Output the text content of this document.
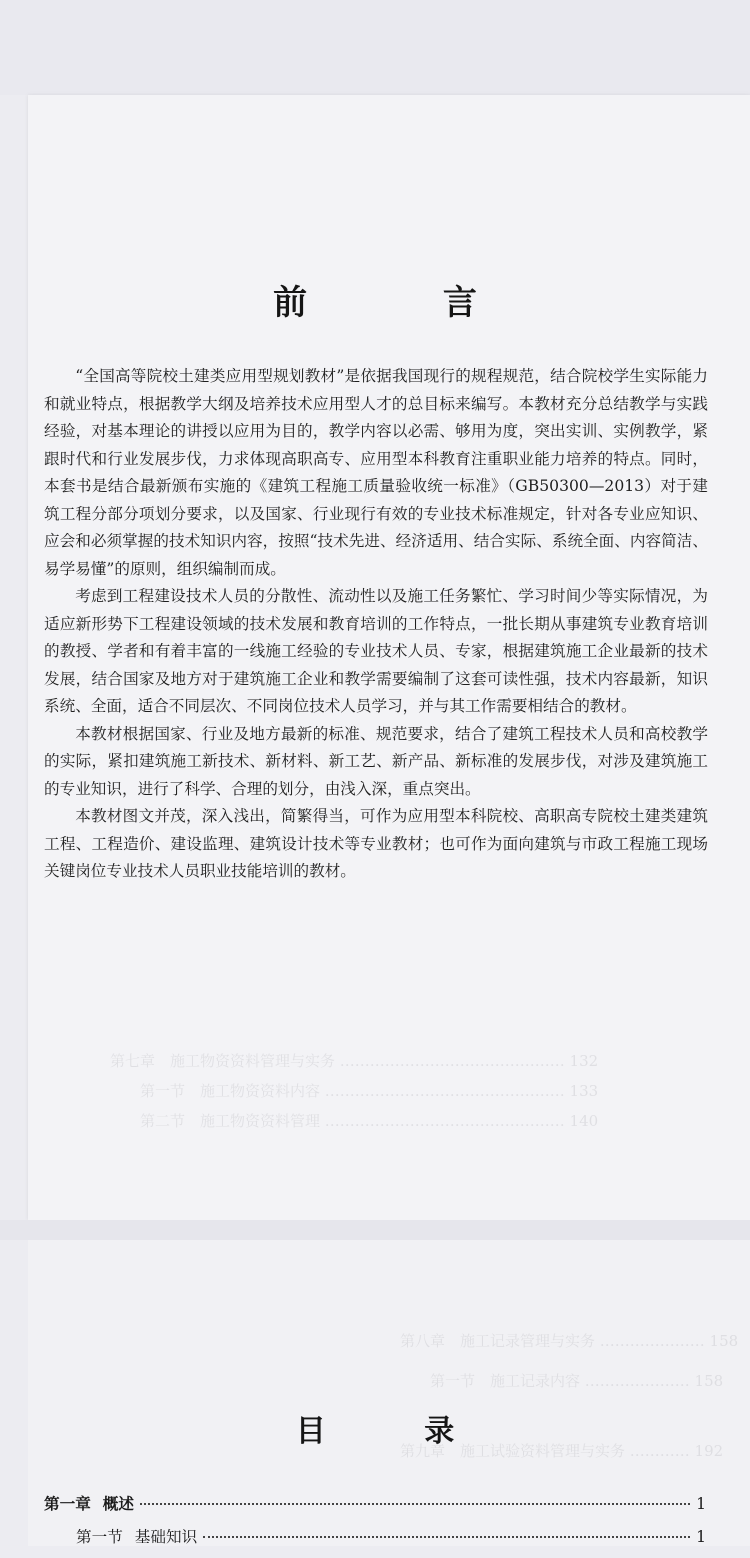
第七章　施工物资资料管理与实务 ……………………………………… 132
第一节　施工物资资料内容 ………………………………………… 133
第二节　施工物资资料管理 ………………………………………… 140
前 言

“全国高等院校土建类应用型规划教材”是依据我国现行的规程规范，结合院校学生实际能力和就业特点，根据教学大纲及培养技术应用型人才的总目标来编写。本教材充分总结教学与实践经验，对基本理论的讲授以应用为目的，教学内容以必需、够用为度，突出实训、实例教学，紧跟时代和行业发展步伐，力求体现高职高专、应用型本科教育注重职业能力培养的特点。同时，本套书是结合最新颁布实施的《建筑工程施工质量验收统一标准》（GB50300—2013）对于建筑工程分部分项划分要求，以及国家、行业现行有效的专业技术标准规定，针对各专业应知识、应会和必须掌握的技术知识内容，按照“技术先进、经济适用、结合实际、系统全面、内容简洁、易学易懂”的原则，组织编制而成。

考虑到工程建设技术人员的分散性、流动性以及施工任务繁忙、学习时间少等实际情况，为适应新形势下工程建设领域的技术发展和教育培训的工作特点，一批长期从事建筑专业教育培训的教授、学者和有着丰富的一线施工经验的专业技术人员、专家，根据建筑施工企业最新的技术发展，结合国家及地方对于建筑施工企业和教学需要编制了这套可读性强，技术内容最新，知识系统、全面，适合不同层次、不同岗位技术人员学习，并与其工作需要相结合的教材。

本教材根据国家、行业及地方最新的标准、规范要求，结合了建筑工程技术人员和高校教学的实际，紧扣建筑施工新技术、新材料、新工艺、新产品、新标准的发展步伐，对涉及建筑施工的专业知识，进行了科学、合理的划分，由浅入深，重点突出。

本教材图文并茂，深入浅出，简繁得当，可作为应用型本科院校、高职高专院校土建类建筑工程、工程造价、建设监理、建筑设计技术等专业教材；也可作为面向建筑与市政工程施工现场关键岗位专业技术人员职业技能培训的教材。

第八章　施工记录管理与实务 ………………… 158
第一节　施工记录内容 ………………… 158
第九章　施工试验资料管理与实务 ………… 192
目 录
第一章 概述	1
第一节 基础知识	1
